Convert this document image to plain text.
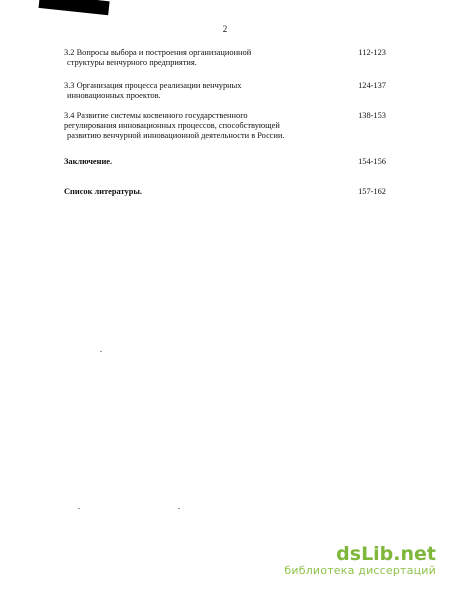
2
3.2 Вопросы выбора и построения организационной
структуры венчурного предприятия.
112-123
3.3 Организация процесса реализации венчурных
инновационных проектов.
124-137
3.4 Развитие системы косвенного государственного
регулирования инновационных процессов, способствующей
развитию венчурной инновационной деятельности в России.
138-153
Заключение.	154-156
Список литературы.	157-162
dsLib.net
библиотека диссертаций
